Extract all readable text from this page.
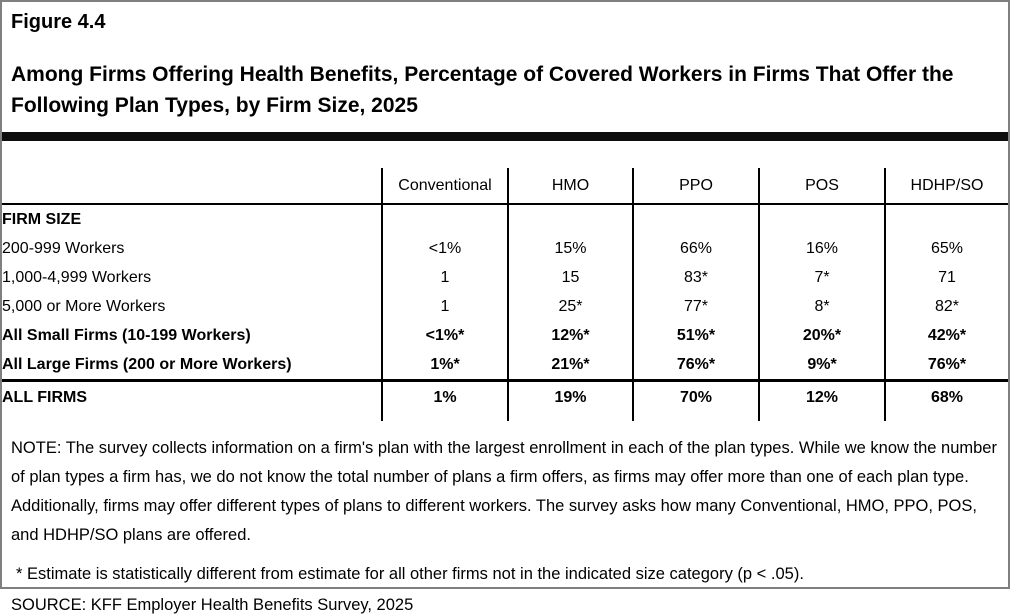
Figure 4.4
Among Firms Offering Health Benefits, Percentage of Covered Workers in Firms That Offer the Following Plan Types, by Firm Size, 2025
	Conventional	HMO	PPO	POS	HDHP/SO
FIRM SIZE					
200-999 Workers	<1%	15%	66%	16%	65%
1,000-4,999 Workers	1	15	83*	7*	71
5,000 or More Workers	1	25*	77*	8*	82*
All Small Firms (10-199 Workers)	<1%*	12%*	51%*	20%*	42%*
All Large Firms (200 or More Workers)	1%*	21%*	76%*	9%*	76%*
ALL FIRMS	1%	19%	70%	12%	68%
NOTE: The survey collects information on a firm's plan with the largest enrollment in each of the plan types. While we know the number of plan types a firm has, we do not know the total number of plans a firm offers, as firms may offer more than one of each plan type. Additionally, firms may offer different types of plans to different workers. The survey asks how many Conventional, HMO, PPO, POS, and HDHP/SO plans are offered.
* Estimate is statistically different from estimate for all other firms not in the indicated size category (p < .05).
SOURCE: KFF Employer Health Benefits Survey, 2025
